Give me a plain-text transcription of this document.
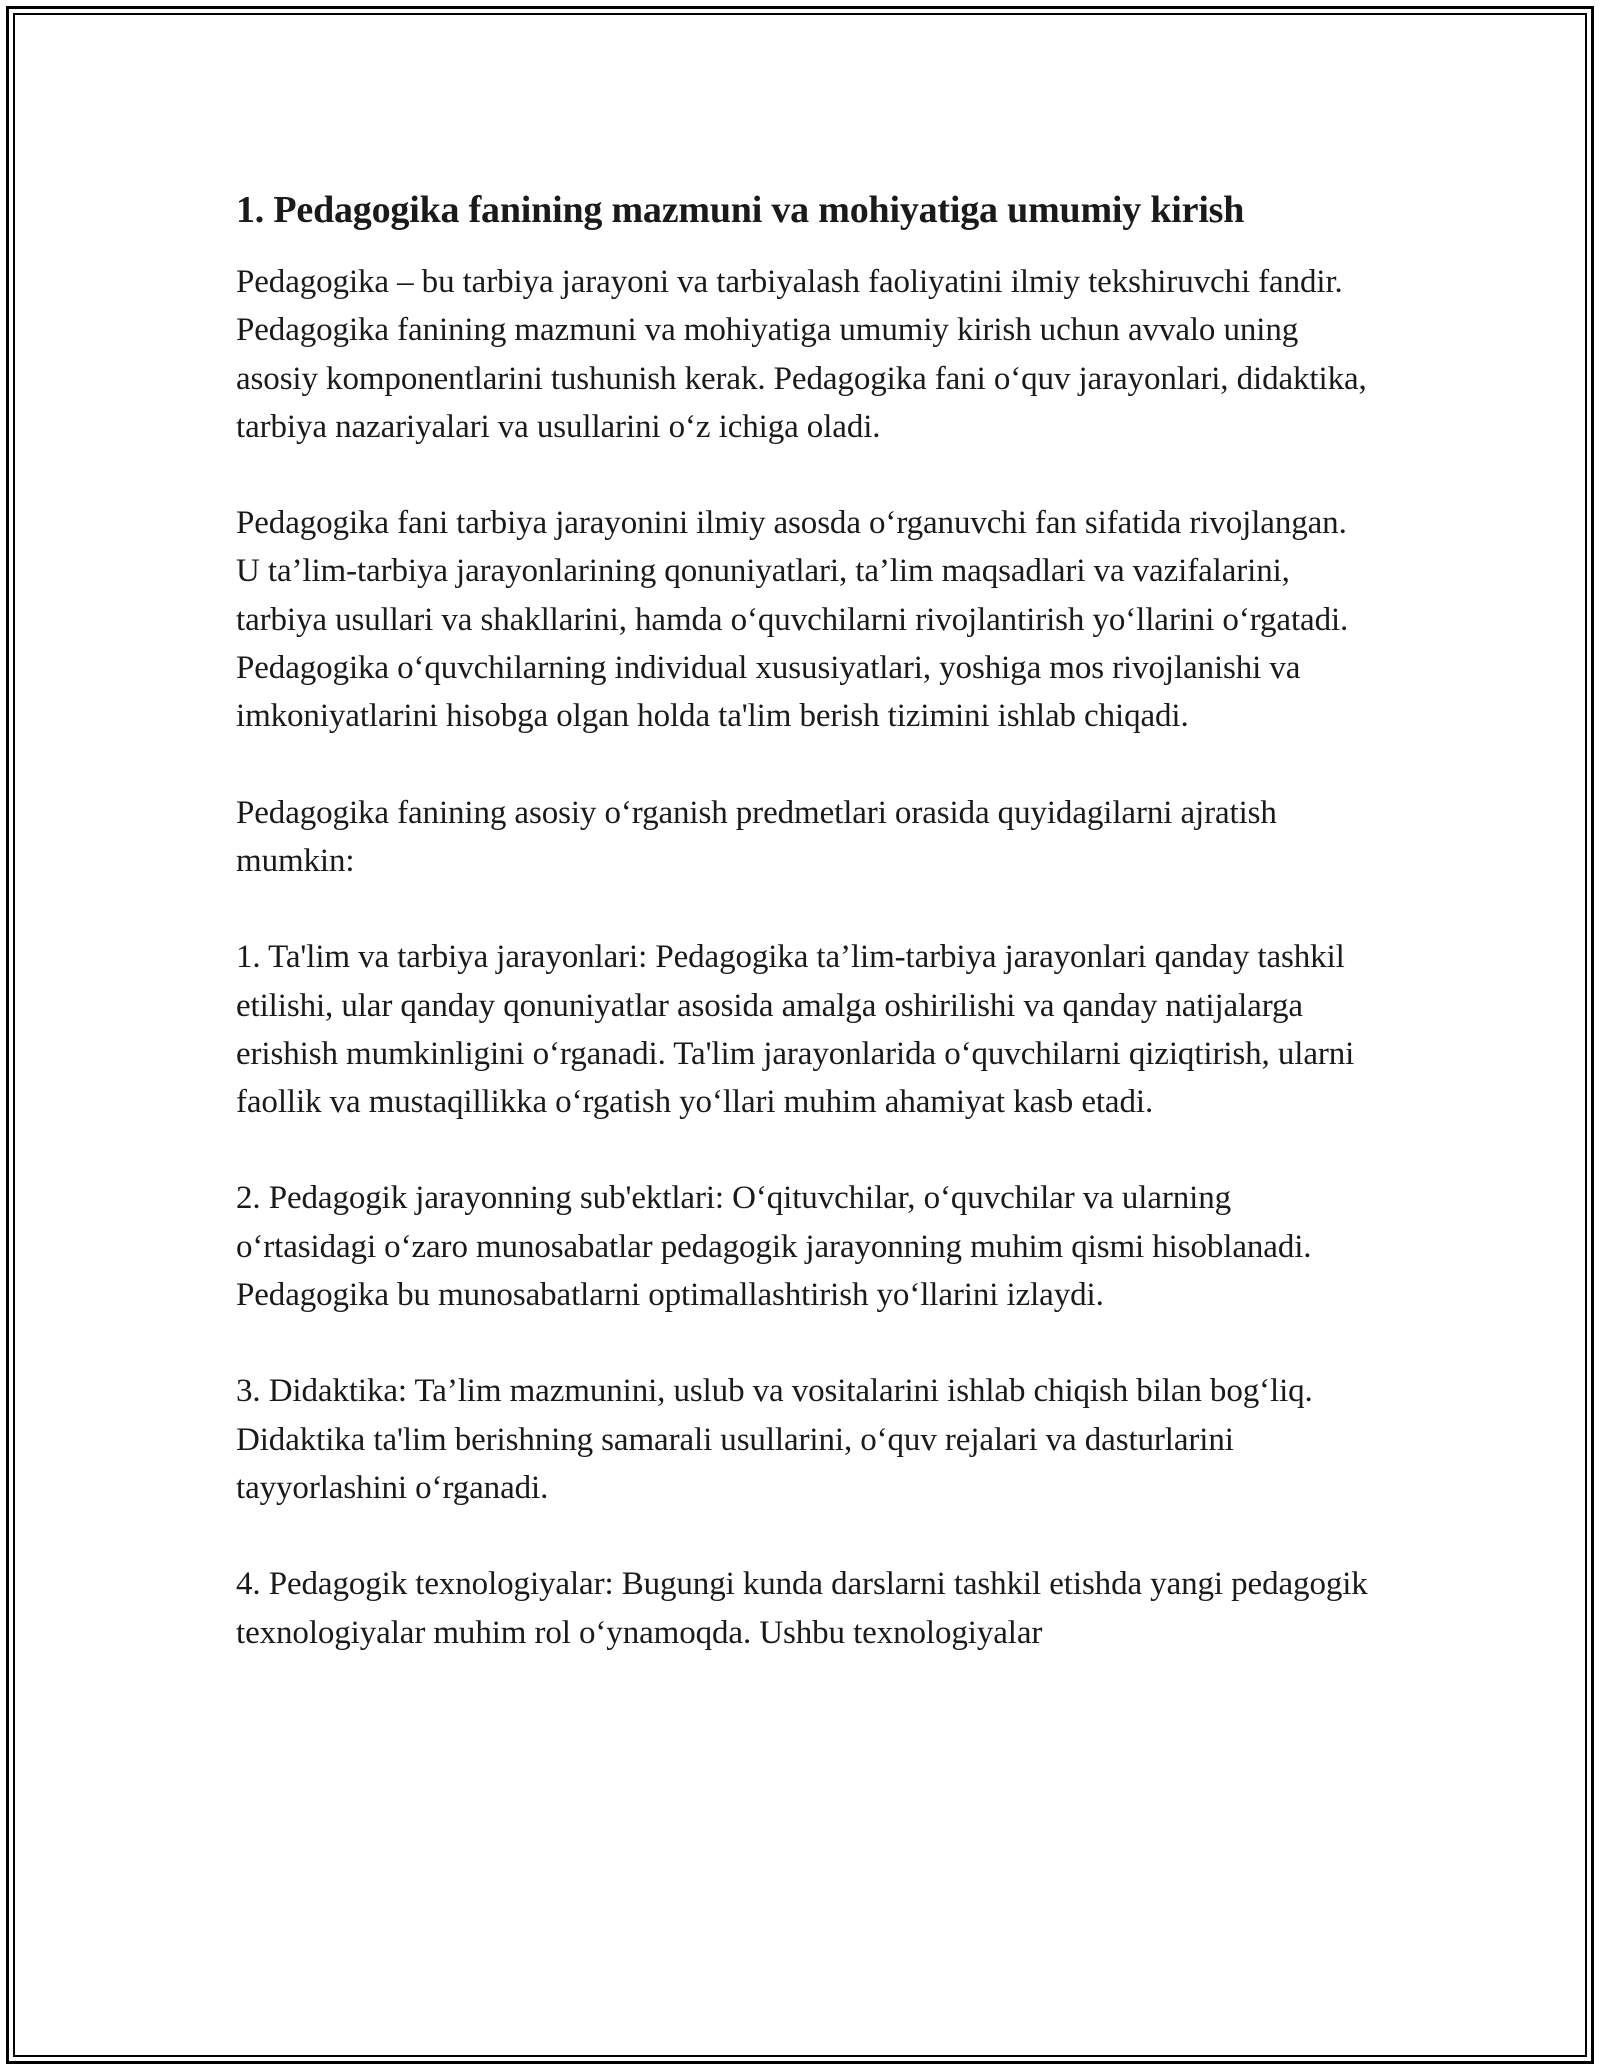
1. Pedagogika fanining mazmuni va mohiyatiga umumiy kirish

Pedagogika – bu tarbiya jarayoni va tarbiyalash faoliyatini ilmiy tekshiruvchi fandir. Pedagogika fanining mazmuni va mohiyatiga umumiy kirish uchun avvalo uning asosiy komponentlarini tushunish kerak. Pedagogika fani o‘quv jarayonlari, didaktika, tarbiya nazariyalari va usullarini o‘z ichiga oladi.

Pedagogika fani tarbiya jarayonini ilmiy asosda o‘rganuvchi fan sifatida rivojlangan. U ta’lim-tarbiya jarayonlarining qonuniyatlari, ta’lim maqsadlari va vazifalarini, tarbiya usullari va shakllarini, hamda o‘quvchilarni rivojlantirish yo‘llarini o‘rgatadi. Pedagogika o‘quvchilarning individual xususiyatlari, yoshiga mos rivojlanishi va imkoniyatlarini hisobga olgan holda ta'lim berish tizimini ishlab chiqadi.

Pedagogika fanining asosiy o‘rganish predmetlari orasida quyidagilarni ajratish mumkin:

1. Ta'lim va tarbiya jarayonlari: Pedagogika ta’lim-tarbiya jarayonlari qanday tashkil etilishi, ular qanday qonuniyatlar asosida amalga oshirilishi va qanday natijalarga erishish mumkinligini o‘rganadi. Ta'lim jarayonlarida o‘quvchilarni qiziqtirish, ularni faollik va mustaqillikka o‘rgatish yo‘llari muhim ahamiyat kasb etadi.

2. Pedagogik jarayonning sub'ektlari: O‘qituvchilar, o‘quvchilar va ularning o‘rtasidagi o‘zaro munosabatlar pedagogik jarayonning muhim qismi hisoblanadi. Pedagogika bu munosabatlarni optimallashtirish yo‘llarini izlaydi.

3. Didaktika: Ta’lim mazmunini, uslub va vositalarini ishlab chiqish bilan bog‘liq. Didaktika ta'lim berishning samarali usullarini, o‘quv rejalari va dasturlarini tayyorlashini o‘rganadi.

4. Pedagogik texnologiyalar: Bugungi kunda darslarni tashkil etishda yangi pedagogik texnologiyalar muhim rol o‘ynamoqda. Ushbu texnologiyalar
